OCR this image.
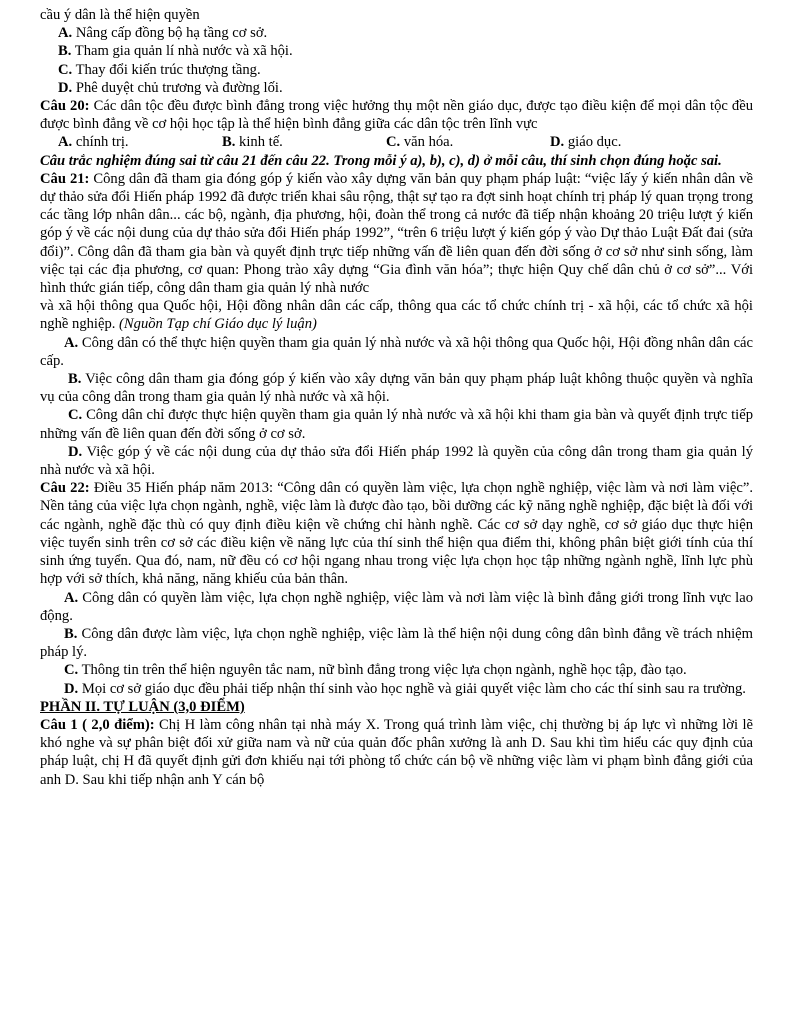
cầu ý dân là thể hiện quyền

A. Nâng cấp đồng bộ hạ tầng cơ sở.

B. Tham gia quản lí nhà nước và xã hội.

C. Thay đổi kiến trúc thượng tầng.

D. Phê duyệt chủ trương và đường lối.

Câu 20: Các dân tộc đều được bình đẳng trong việc hưởng thụ một nền giáo dục, được tạo điều kiện để mọi dân tộc đều được bình đẳng về cơ hội học tập là thể hiện bình đẳng giữa các dân tộc trên lĩnh vực

A. chính trị.	B. kinh tế.	C. văn hóa.	D. giáo dục.

Câu trắc nghiệm đúng sai từ câu 21 đến câu 22. Trong mỗi ý a), b), c), d) ở mỗi câu, thí sinh chọn đúng hoặc sai.

Câu 21: Công dân đã tham gia đóng góp ý kiến vào xây dựng văn bản quy phạm pháp luật: “việc lấy ý kiến nhân dân về dự thảo sửa đổi Hiến pháp 1992 đã được triển khai sâu rộng, thật sự tạo ra đợt sinh hoạt chính trị pháp lý quan trọng trong các tầng lớp nhân dân... các bộ, ngành, địa phương, hội, đoàn thể trong cả nước đã tiếp nhận khoảng 20 triệu lượt ý kiến góp ý về các nội dung của dự thảo sửa đổi Hiến pháp 1992”, “trên 6 triệu lượt ý kiến góp ý vào Dự thảo Luật Đất đai (sửa đổi)”. Công dân đã tham gia bàn và quyết định trực tiếp những vấn đề liên quan đến đời sống ở cơ sở như sinh sống, làm việc tại các địa phương, cơ quan: Phong trào xây dựng “Gia đình văn hóa”; thực hiện Quy chế dân chủ ở cơ sở”... Với hình thức gián tiếp, công dân tham gia quản lý nhà nước

và xã hội thông qua Quốc hội, Hội đồng nhân dân các cấp, thông qua các tổ chức chính trị - xã hội, các tổ chức xã hội nghề nghiệp. (Nguồn Tạp chí Giáo dục lý luận)

A. Công dân có thể thực hiện quyền tham gia quản lý nhà nước và xã hội thông qua Quốc hội, Hội đồng nhân dân các cấp.

B. Việc công dân tham gia đóng góp ý kiến vào xây dựng văn bản quy phạm pháp luật không thuộc quyền và nghĩa vụ của công dân trong tham gia quản lý nhà nước và xã hội.

C. Công dân chỉ được thực hiện quyền tham gia quản lý nhà nước và xã hội khi tham gia bàn và quyết định trực tiếp những vấn đề liên quan đến đời sống ở cơ sở.

D. Việc góp ý về các nội dung của dự thảo sửa đổi Hiến pháp 1992 là quyền của công dân trong tham gia quản lý nhà nước và xã hội.

Câu 22: Điều 35 Hiến pháp năm 2013: “Công dân có quyền làm việc, lựa chọn nghề nghiệp, việc làm và nơi làm việc”. Nền tảng của việc lựa chọn ngành, nghề, việc làm là được đào tạo, bồi dưỡng các kỹ năng nghề nghiệp, đặc biệt là đối với các ngành, nghề đặc thù có quy định điều kiện về chứng chỉ hành nghề. Các cơ sở dạy nghề, cơ sở giáo dục thực hiện việc tuyển sinh trên cơ sở các điều kiện về năng lực của thí sinh thể hiện qua điểm thi, không phân biệt giới tính của thí sinh ứng tuyển. Qua đó, nam, nữ đều có cơ hội ngang nhau trong việc lựa chọn học tập những ngành nghề, lĩnh lực phù hợp với sở thích, khả năng, năng khiếu của bản thân.

A. Công dân có quyền làm việc, lựa chọn nghề nghiệp, việc làm và nơi làm việc là bình đẳng giới trong lĩnh vực lao động.

B. Công dân được làm việc, lựa chọn nghề nghiệp, việc làm là thể hiện nội dung công dân bình đẳng về trách nhiệm pháp lý.

C. Thông tin trên thể hiện nguyên tắc nam, nữ bình đẳng trong việc lựa chọn ngành, nghề học tập, đào tạo.

D. Mọi cơ sở giáo dục đều phải tiếp nhận thí sinh vào học nghề và giải quyết việc làm cho các thí sinh sau ra trường.

PHẦN II. TỰ LUẬN (3,0 ĐIỂM)

Câu 1 ( 2,0 điểm): Chị H làm công nhân tại nhà máy X. Trong quá trình làm việc, chị thường bị áp lực vì những lời lẽ khó nghe và sự phân biệt đối xử giữa nam và nữ của quản đốc phân xưởng là anh D. Sau khi tìm hiểu các quy định của pháp luật, chị H đã quyết định gửi đơn khiếu nại tới phòng tổ chức cán bộ về những việc làm vi phạm bình đẳng giới của anh D. Sau khi tiếp nhận anh Y cán bộ
